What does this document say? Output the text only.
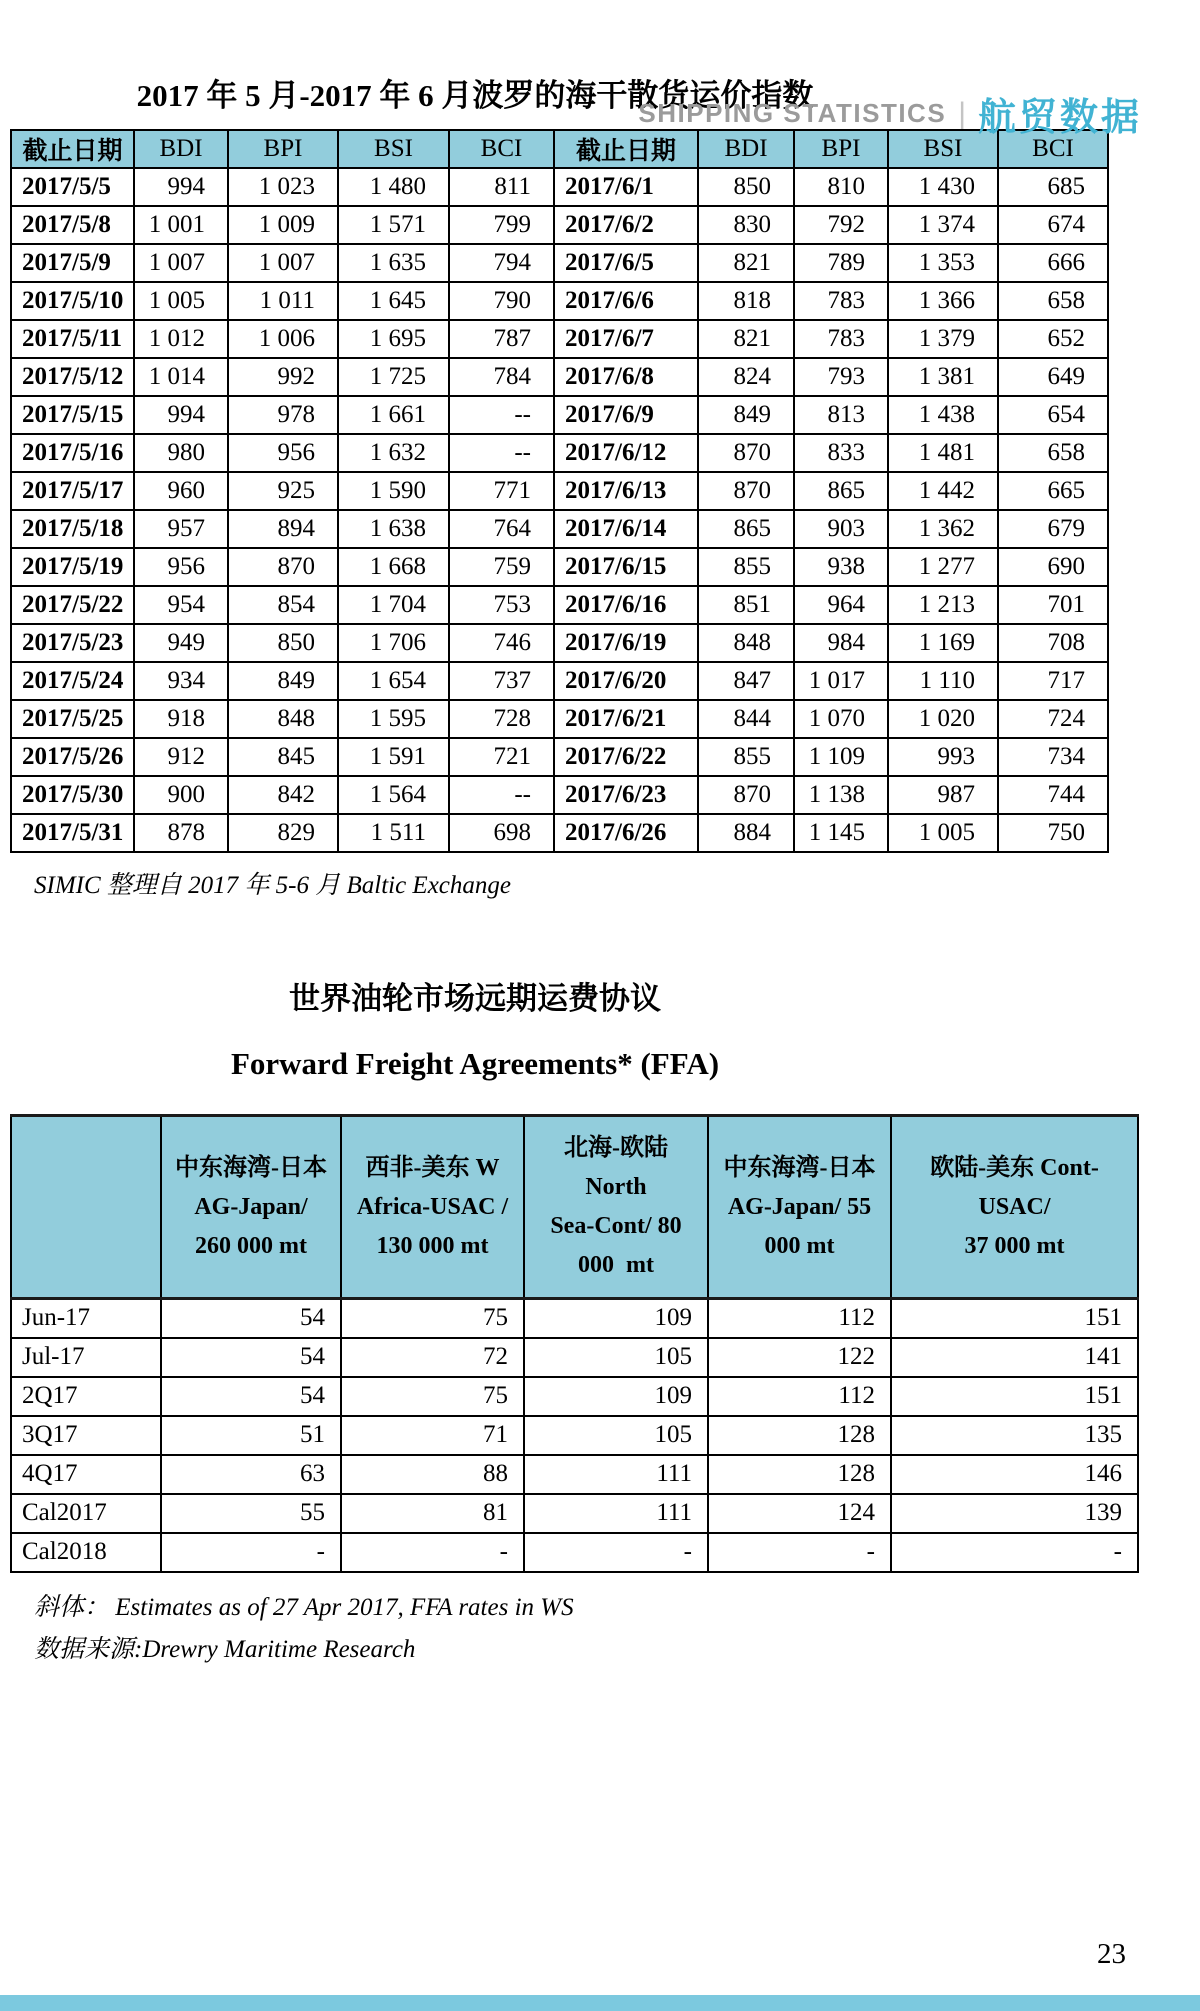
SHIPPING STATISTICS | 航贸数据
2017 年 5 月-2017 年 6 月波罗的海干散货运价指数
截止日期	BDI	BPI	BSI	BCI	截止日期	BDI	BPI	BSI	BCI
2017/5/5	994	1 023	1 480	811	2017/6/1	850	810	1 430	685
2017/5/8	1 001	1 009	1 571	799	2017/6/2	830	792	1 374	674
2017/5/9	1 007	1 007	1 635	794	2017/6/5	821	789	1 353	666
2017/5/10	1 005	1 011	1 645	790	2017/6/6	818	783	1 366	658
2017/5/11	1 012	1 006	1 695	787	2017/6/7	821	783	1 379	652
2017/5/12	1 014	992	1 725	784	2017/6/8	824	793	1 381	649
2017/5/15	994	978	1 661	--	2017/6/9	849	813	1 438	654
2017/5/16	980	956	1 632	--	2017/6/12	870	833	1 481	658
2017/5/17	960	925	1 590	771	2017/6/13	870	865	1 442	665
2017/5/18	957	894	1 638	764	2017/6/14	865	903	1 362	679
2017/5/19	956	870	1 668	759	2017/6/15	855	938	1 277	690
2017/5/22	954	854	1 704	753	2017/6/16	851	964	1 213	701
2017/5/23	949	850	1 706	746	2017/6/19	848	984	1 169	708
2017/5/24	934	849	1 654	737	2017/6/20	847	1 017	1 110	717
2017/5/25	918	848	1 595	728	2017/6/21	844	1 070	1 020	724
2017/5/26	912	845	1 591	721	2017/6/22	855	1 109	993	734
2017/5/30	900	842	1 564	--	2017/6/23	870	1 138	987	744
2017/5/31	878	829	1 511	698	2017/6/26	884	1 145	1 005	750
SIMIC 整理自 2017 年 5-6 月 Baltic Exchange
世界油轮市场远期运费协议
Forward Freight Agreements* (FFA)

中东海湾-日本
AG-Japan/
260 000 mt

西非-美东 W
Africa-USAC /
130 000 mt

北海-欧陆
North
Sea-Cont/ 80
000  mt

中东海湾-日本
AG-Japan/ 55
000 mt

欧陆-美东 Cont-
USAC/
37 000 mt

Jun-17	54	75	109	112	151
Jul-17	54	72	105	122	141
2Q17	54	75	109	112	151
3Q17	51	71	105	128	135
4Q17	63	88	111	128	146
Cal2017	55	81	111	124	139
Cal2018	-	-	-	-	-
斜体： Estimates as of 27 Apr 2017, FFA rates in WS
数据来源:Drewry Maritime Research
23
